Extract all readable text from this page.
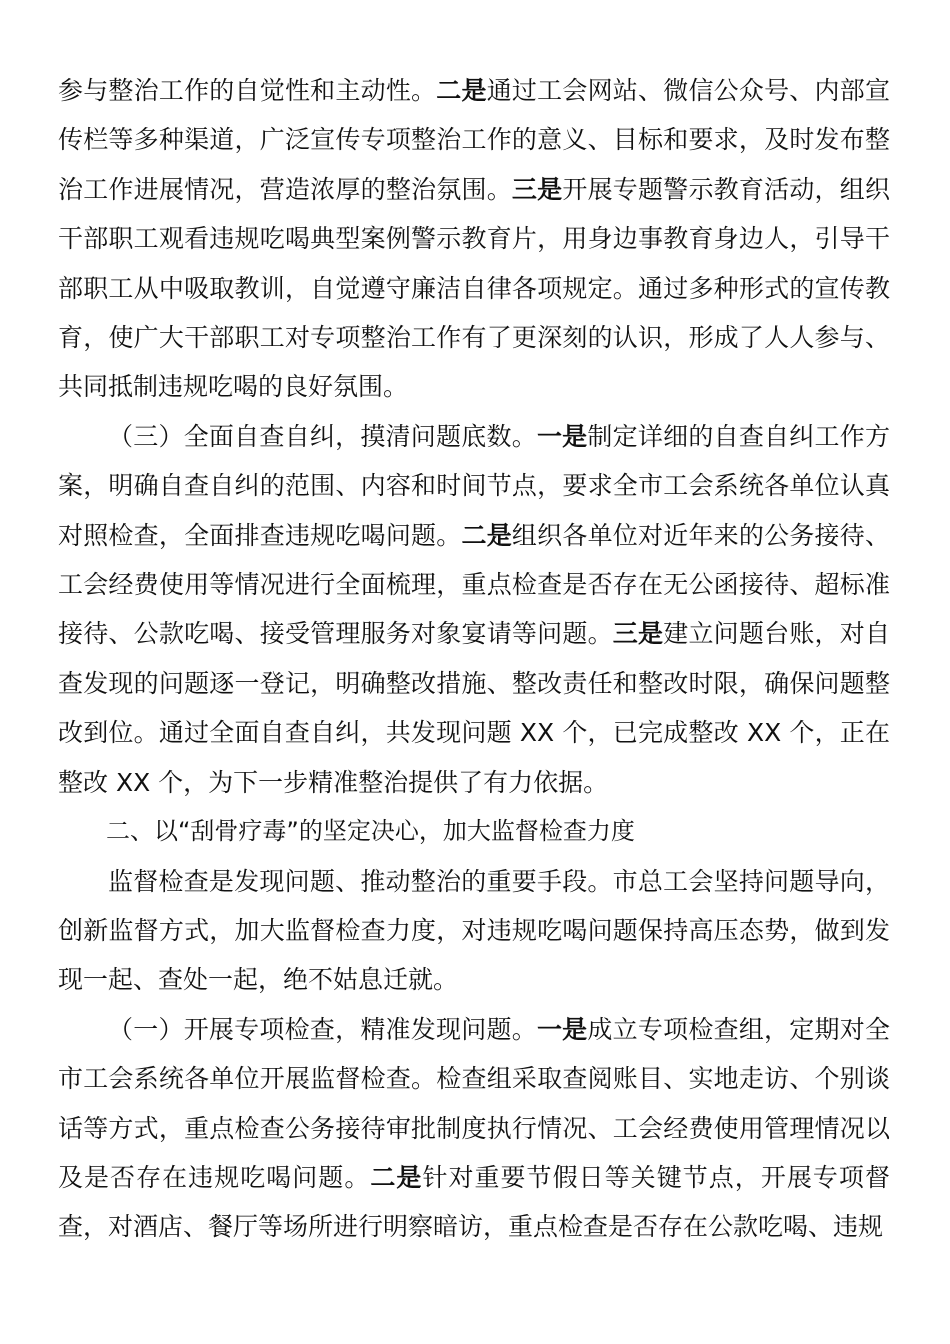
参与整治工作的自觉性和主动性。二是通过工会网站、微信公众号、内部宣传栏等多种渠道，广泛宣传专项整治工作的意义、目标和要求，及时发布整治工作进展情况，营造浓厚的整治氛围。三是开展专题警示教育活动，组织干部职工观看违规吃喝典型案例警示教育片，用身边事教育身边人，引导干部职工从中吸取教训，自觉遵守廉洁自律各项规定。通过多种形式的宣传教育，使广大干部职工对专项整治工作有了更深刻的认识，形成了人人参与、共同抵制违规吃喝的良好氛围。

（三）全面自查自纠，摸清问题底数。一是制定详细的自查自纠工作方案，明确自查自纠的范围、内容和时间节点，要求全市工会系统各单位认真对照检查，全面排查违规吃喝问题。二是组织各单位对近年来的公务接待、工会经费使用等情况进行全面梳理，重点检查是否存在无公函接待、超标准接待、公款吃喝、接受管理服务对象宴请等问题。三是建立问题台账，对自查发现的问题逐一登记，明确整改措施、整改责任和整改时限，确保问题整改到位。通过全面自查自纠，共发现问题 XX 个，已完成整改 XX 个，正在整改 XX 个，为下一步精准整治提供了有力依据。

二、以“刮骨疗毒”的坚定决心，加大监督检查力度

监督检查是发现问题、推动整治的重要手段。市总工会坚持问题导向，创新监督方式，加大监督检查力度，对违规吃喝问题保持高压态势，做到发现一起、查处一起，绝不姑息迁就。

（一）开展专项检查，精准发现问题。一是成立专项检查组，定期对全市工会系统各单位开展监督检查。检查组采取查阅账目、实地走访、个别谈话等方式，重点检查公务接待审批制度执行情况、工会经费使用管理情况以及是否存在违规吃喝问题。二是针对重要节假日等关键节点，开展专项督查，对酒店、餐厅等场所进行明察暗访，重点检查是否存在公款吃喝、违规
